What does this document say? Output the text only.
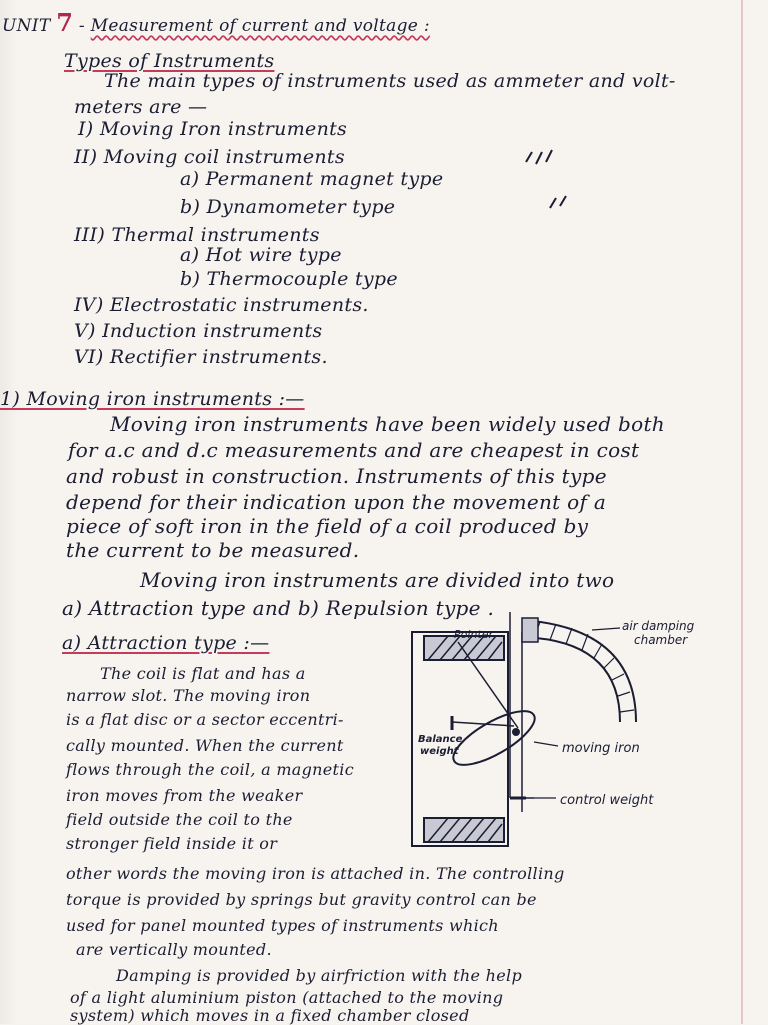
UNIT 7 - Measurement of current and voltage :
Types of Instruments
The main types of instruments used as ammeter and volt-
meters are —
I) Moving Iron instruments
II) Moving coil instruments
a) Permanent magnet type
b) Dynamometer type
III) Thermal instruments
a) Hot wire type
b) Thermocouple type
IV) Electrostatic instruments.
V) Induction instruments
VI) Rectifier instruments.
1) Moving iron instruments :—
Moving iron instruments have been widely used both
for a.c and d.c measurements and are cheapest in cost
and robust in construction. Instruments of this type
depend for their indication upon the movement of a
piece of soft iron in the field of a coil produced by
the current to be measured.
Moving iron instruments are divided into two
a) Attraction type and b) Repulsion type .
a) Attraction type :—
The coil is flat and has a
narrow slot. The moving iron
is a flat disc or a sector eccentri-
cally mounted. When the current
flows through the coil, a magnetic
iron moves from the weaker
field outside the coil to the
stronger field inside it or
other words the moving iron is attached in. The controlling
torque is provided by springs but gravity control can be
used for panel mounted types of instruments which
are vertically mounted.
Damping is provided by airfriction with the help
of a light aluminium piston (attached to the moving
system) which moves in a fixed chamber closed
Pointer
air damping
chamber
Balance
weight	moving iron
control weight
